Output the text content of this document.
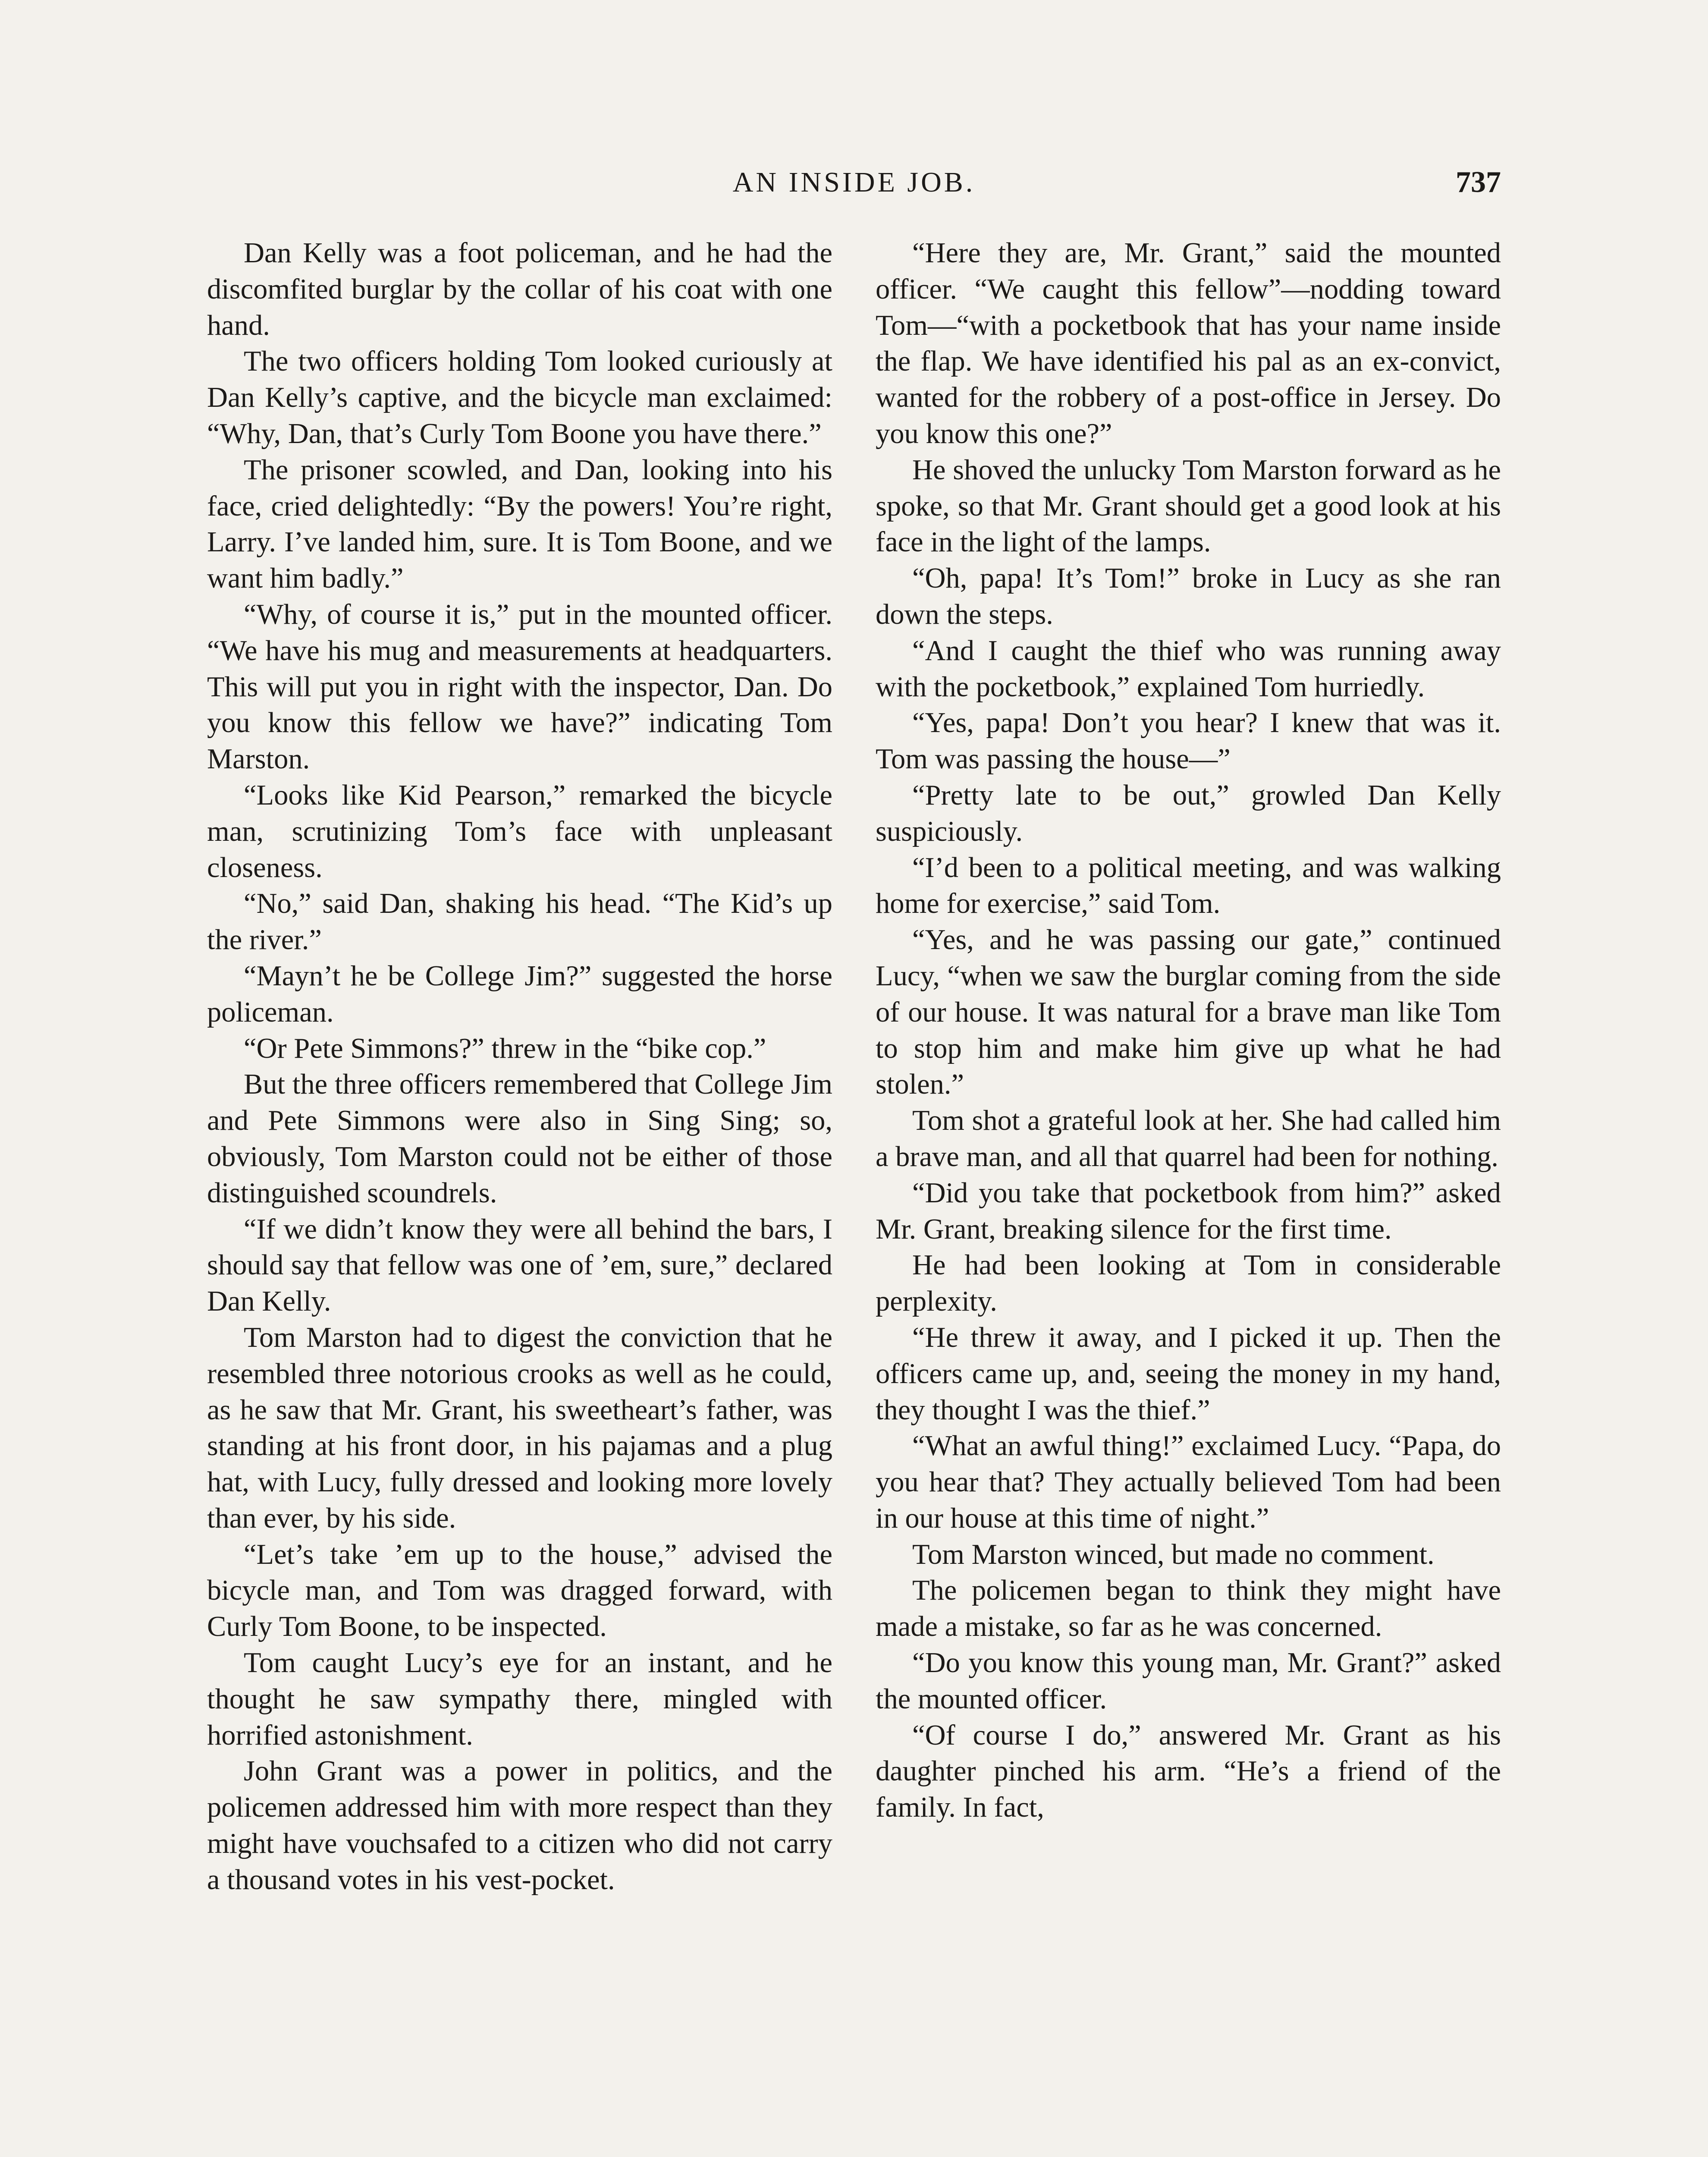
AN INSIDE JOB.	737

Dan Kelly was a foot policeman, and he had the discomfited burglar by the collar of his coat with one hand.

The two officers holding Tom looked curiously at Dan Kelly’s captive, and the bicycle man exclaimed: “Why, Dan, that’s Curly Tom Boone you have there.”

The prisoner scowled, and Dan, looking into his face, cried delightedly: “By the powers! You’re right, Larry. I’ve landed him, sure. It is Tom Boone, and we want him badly.”

“Why, of course it is,” put in the mounted officer. “We have his mug and measurements at headquarters. This will put you in right with the inspector, Dan. Do you know this fellow we have?” indicating Tom Marston.

“Looks like Kid Pearson,” remarked the bicycle man, scrutinizing Tom’s face with unpleasant closeness.

“No,” said Dan, shaking his head. “The Kid’s up the river.”

“Mayn’t he be College Jim?” suggested the horse policeman.

“Or Pete Simmons?” threw in the “bike cop.”

But the three officers remembered that College Jim and Pete Simmons were also in Sing Sing; so, obviously, Tom Marston could not be either of those distinguished scoundrels.

“If we didn’t know they were all behind the bars, I should say that fellow was one of ’em, sure,” declared Dan Kelly.

Tom Marston had to digest the conviction that he resembled three notorious crooks as well as he could, as he saw that Mr. Grant, his sweetheart’s father, was standing at his front door, in his pajamas and a plug hat, with Lucy, fully dressed and looking more lovely than ever, by his side.

“Let’s take ’em up to the house,” advised the bicycle man, and Tom was dragged forward, with Curly Tom Boone, to be inspected.

Tom caught Lucy’s eye for an instant, and he thought he saw sympathy there, mingled with horrified astonishment.

John Grant was a power in politics, and the policemen addressed him with more respect than they might have vouchsafed to a citizen who did not carry a thousand votes in his vest-pocket.

“Here they are, Mr. Grant,” said the mounted officer. “We caught this fellow”—nodding toward Tom—“with a pocketbook that has your name inside the flap. We have identified his pal as an ex-convict, wanted for the robbery of a post-office in Jersey. Do you know this one?”

He shoved the unlucky Tom Marston forward as he spoke, so that Mr. Grant should get a good look at his face in the light of the lamps.

“Oh, papa! It’s Tom!” broke in Lucy as she ran down the steps.

“And I caught the thief who was running away with the pocketbook,” explained Tom hurriedly.

“Yes, papa! Don’t you hear? I knew that was it. Tom was passing the house—”

“Pretty late to be out,” growled Dan Kelly suspiciously.

“I’d been to a political meeting, and was walking home for exercise,” said Tom.

“Yes, and he was passing our gate,” continued Lucy, “when we saw the burglar coming from the side of our house. It was natural for a brave man like Tom to stop him and make him give up what he had stolen.”

Tom shot a grateful look at her. She had called him a brave man, and all that quarrel had been for nothing.

“Did you take that pocketbook from him?” asked Mr. Grant, breaking silence for the first time.

He had been looking at Tom in considerable perplexity.

“He threw it away, and I picked it up. Then the officers came up, and, seeing the money in my hand, they thought I was the thief.”

“What an awful thing!” exclaimed Lucy. “Papa, do you hear that? They actually believed Tom had been in our house at this time of night.”

Tom Marston winced, but made no comment.

The policemen began to think they might have made a mistake, so far as he was concerned.

“Do you know this young man, Mr. Grant?” asked the mounted officer.

“Of course I do,” answered Mr. Grant as his daughter pinched his arm. “He’s a friend of the family. In fact,
